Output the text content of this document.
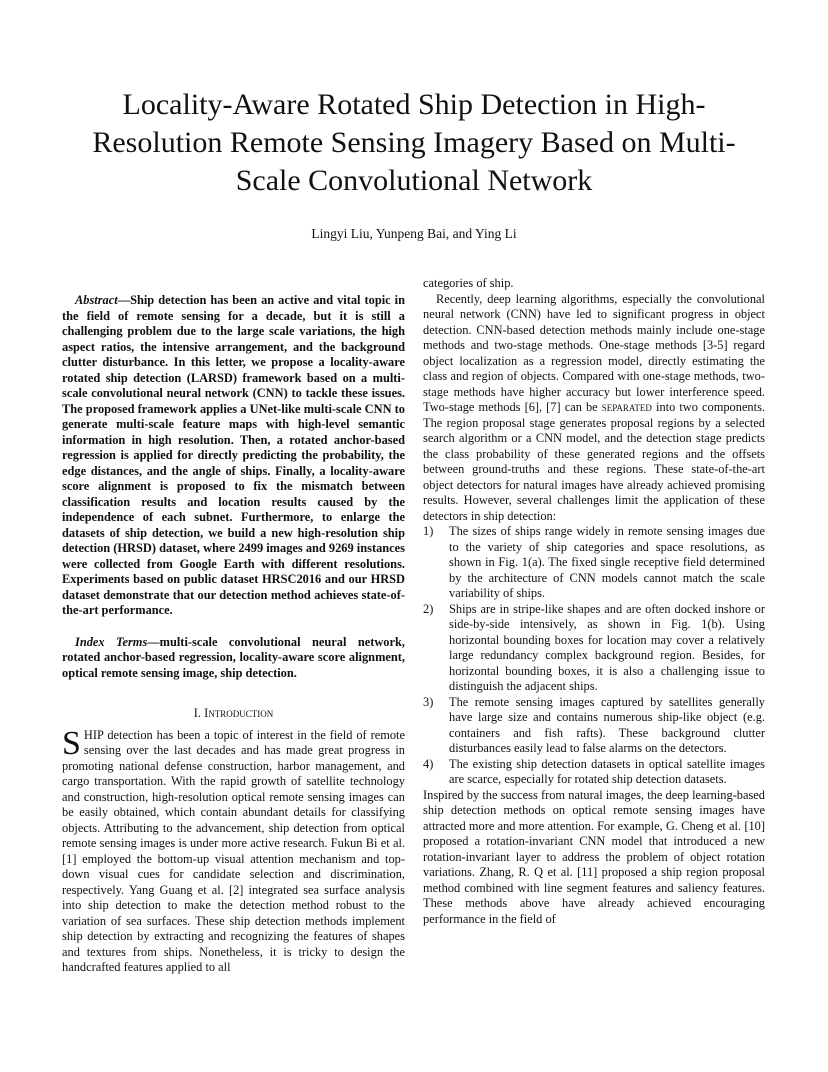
Locality-Aware Rotated Ship Detection in High-Resolution Remote Sensing Imagery Based on Multi-Scale Convolutional Network
Lingyi Liu, Yunpeng Bai, and Ying Li

Abstract—Ship detection has been an active and vital topic in the field of remote sensing for a decade, but it is still a challenging problem due to the large scale variations, the high aspect ratios, the intensive arrangement, and the background clutter disturbance. In this letter, we propose a locality-aware rotated ship detection (LARSD) framework based on a multi-scale convolutional neural network (CNN) to tackle these issues. The proposed framework applies a UNet-like multi-scale CNN to generate multi-scale feature maps with high-level semantic information in high resolution. Then, a rotated anchor-based regression is applied for directly predicting the probability, the edge distances, and the angle of ships. Finally, a locality-aware score alignment is proposed to fix the mismatch between classification results and location results caused by the independence of each subnet. Furthermore, to enlarge the datasets of ship detection, we build a new high-resolution ship detection (HRSD) dataset, where 2499 images and 9269 instances were collected from Google Earth with different resolutions. Experiments based on public dataset HRSC2016 and our HRSD dataset demonstrate that our detection method achieves state-of-the-art performance.

Index Terms—multi-scale convolutional neural network, rotated anchor-based regression, locality-aware score alignment, optical remote sensing image, ship detection.

I. Introduction

SHIP detection has been a topic of interest in the field of remote sensing over the last decades and has made great progress in promoting national defense construction, harbor management, and cargo transportation. With the rapid growth of satellite technology and construction, high-resolution optical remote sensing images can be easily obtained, which contain abundant details for classifying objects. Attributing to the advancement, ship detection from optical remote sensing images is under more active research. Fukun Bi et al. [1] employed the bottom-up visual attention mechanism and top-down visual cues for candidate selection and discrimination, respectively. Yang Guang et al. [2] integrated sea surface analysis into ship detection to make the detection method robust to the variation of sea surfaces. These ship detection methods implement ship detection by extracting and recognizing the features of shapes and textures from ships. Nonetheless, it is tricky to design the handcrafted features applied to all

categories of ship.

Recently, deep learning algorithms, especially the convolutional neural network (CNN) have led to significant progress in object detection. CNN-based detection methods mainly include one-stage methods and two-stage methods. One-stage methods [3-5] regard object localization as a regression model, directly estimating the class and region of objects. Compared with one-stage methods, two-stage methods have higher accuracy but lower interference speed. Two-stage methods [6], [7] can be separated into two components. The region proposal stage generates proposal regions by a selected search algorithm or a CNN model, and the detection stage predicts the class probability of these generated regions and the offsets between ground-truths and these regions. These state-of-the-art object detectors for natural images have already achieved promising results. However, several challenges limit the application of these detectors in ship detection:

1) The sizes of ships range widely in remote sensing images due to the variety of ship categories and space resolutions, as shown in Fig. 1(a). The fixed single receptive field determined by the architecture of CNN models cannot match the scale variability of ships.
2) Ships are in stripe-like shapes and are often docked inshore or side-by-side intensively, as shown in Fig. 1(b). Using horizontal bounding boxes for location may cover a relatively large redundancy complex background region. Besides, for horizontal bounding boxes, it is also a challenging issue to distinguish the adjacent ships.
3) The remote sensing images captured by satellites generally have large size and contains numerous ship-like object (e.g. containers and fish rafts). These background clutter disturbances easily lead to false alarms on the detectors.
4) The existing ship detection datasets in optical satellite images are scarce, especially for rotated ship detection datasets.

Inspired by the success from natural images, the deep learning-based ship detection methods on optical remote sensing images have attracted more and more attention. For example, G. Cheng et al. [10] proposed a rotation-invariant CNN model that introduced a new rotation-invariant layer to address the problem of object rotation variations. Zhang, R. Q et al. [11] proposed a ship region proposal method combined with line segment features and saliency features. These methods above have already achieved encouraging performance in the field of
